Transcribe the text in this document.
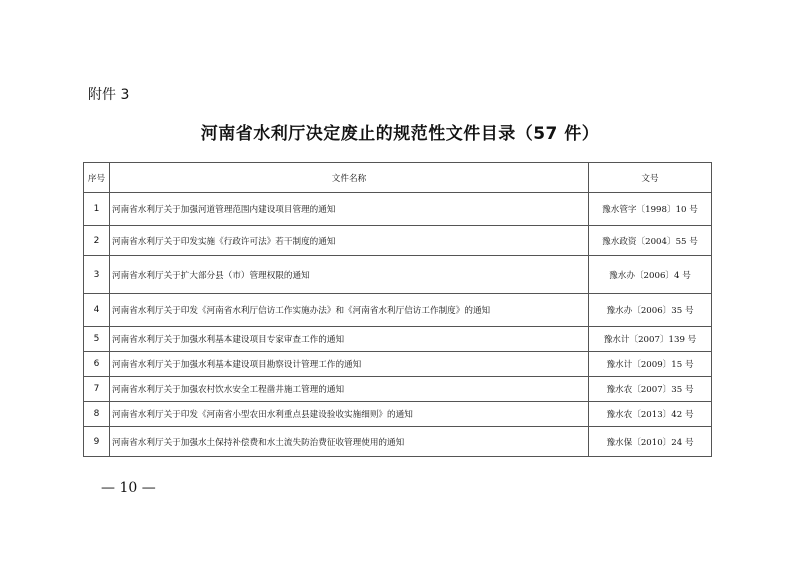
附件 3
河南省水利厅决定废止的规范性文件目录（57 件）
序号	文件名称	文号
1	河南省水利厅关于加强河道管理范围内建设项目管理的通知	豫水管字〔1998〕10 号
2	河南省水利厅关于印发实施《行政许可法》若干制度的通知	豫水政资〔2004〕55 号
3	河南省水利厅关于扩大部分县（市）管理权限的通知	豫水办〔2006〕4 号
4	河南省水利厅关于印发《河南省水利厅信访工作实施办法》和《河南省水利厅信访工作制度》的通知	豫水办〔2006〕35 号
5	河南省水利厅关于加强水利基本建设项目专家审查工作的通知	豫水计〔2007〕139 号
6	河南省水利厅关于加强水利基本建设项目勘察设计管理工作的通知	豫水计〔2009〕15 号
7	河南省水利厅关于加强农村饮水安全工程凿井施工管理的通知	豫水农〔2007〕35 号
8	河南省水利厅关于印发《河南省小型农田水利重点县建设验收实施细则》的通知	豫水农〔2013〕42 号
9	河南省水利厅关于加强水土保持补偿费和水土流失防治费征收管理使用的通知	豫水保〔2010〕24 号
— 10 —
